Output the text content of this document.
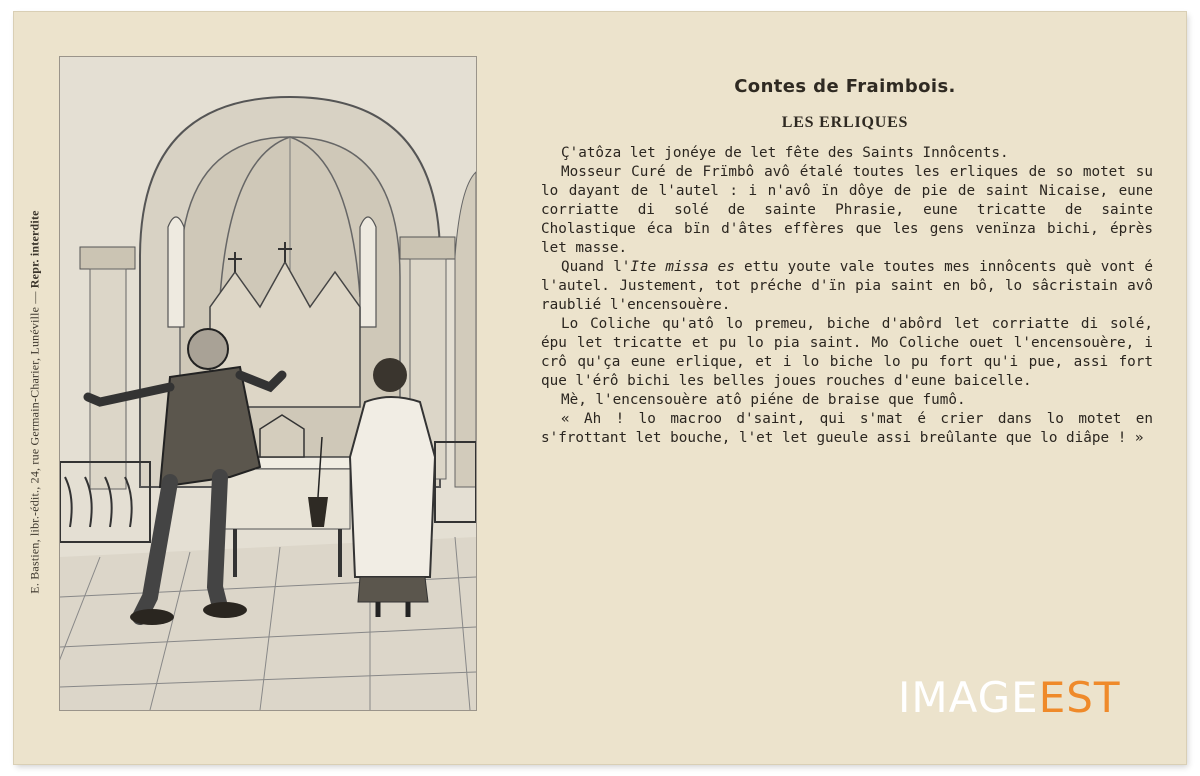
E. Bastien, libr.-édit., 24, rue Germain-Charier, Lunéville — Repr. interdite
Contes de Fraimbois.
LES ERLIQUES

Ç'atôza let jonéye de let fête des Saints Innôcents.

Mosseur Curé de Frïmbô avô étalé toutes les erliques de so motet su lo dayant de l'autel : i n'avô ïn dôye de pie de saint Nicaise, eune corriatte di solé de sainte Phrasie, eune tricatte de sainte Cholastique éca bïn d'âtes effères que les gens venïnza bichi, éprès let masse.

Quand l'Ite missa es ettu youte vale toutes mes innôcents què vont é l'autel. Justement, tot préche d'ïn pia saint en bô, lo sâcristain avô raublié l'encensouère.

Lo Coliche qu'atô lo premeu, biche d'abôrd let corriatte di solé, épu let tricatte et pu lo pia saint. Mo Coliche ouet l'encensouère, i crô qu'ça eune erlique, et i lo biche lo pu fort qu'i pue, assi fort que l'érô bichi les belles joues rouches d'eune baicelle.

Mè, l'encensouère atô piéne de braise que fumô.

« Ah ! lo macroo d'saint, qui s'mat é crier dans lo motet en s'frottant let bouche, l'et let gueule assi breûlante que lo diâpe ! »

IMAGEEST
